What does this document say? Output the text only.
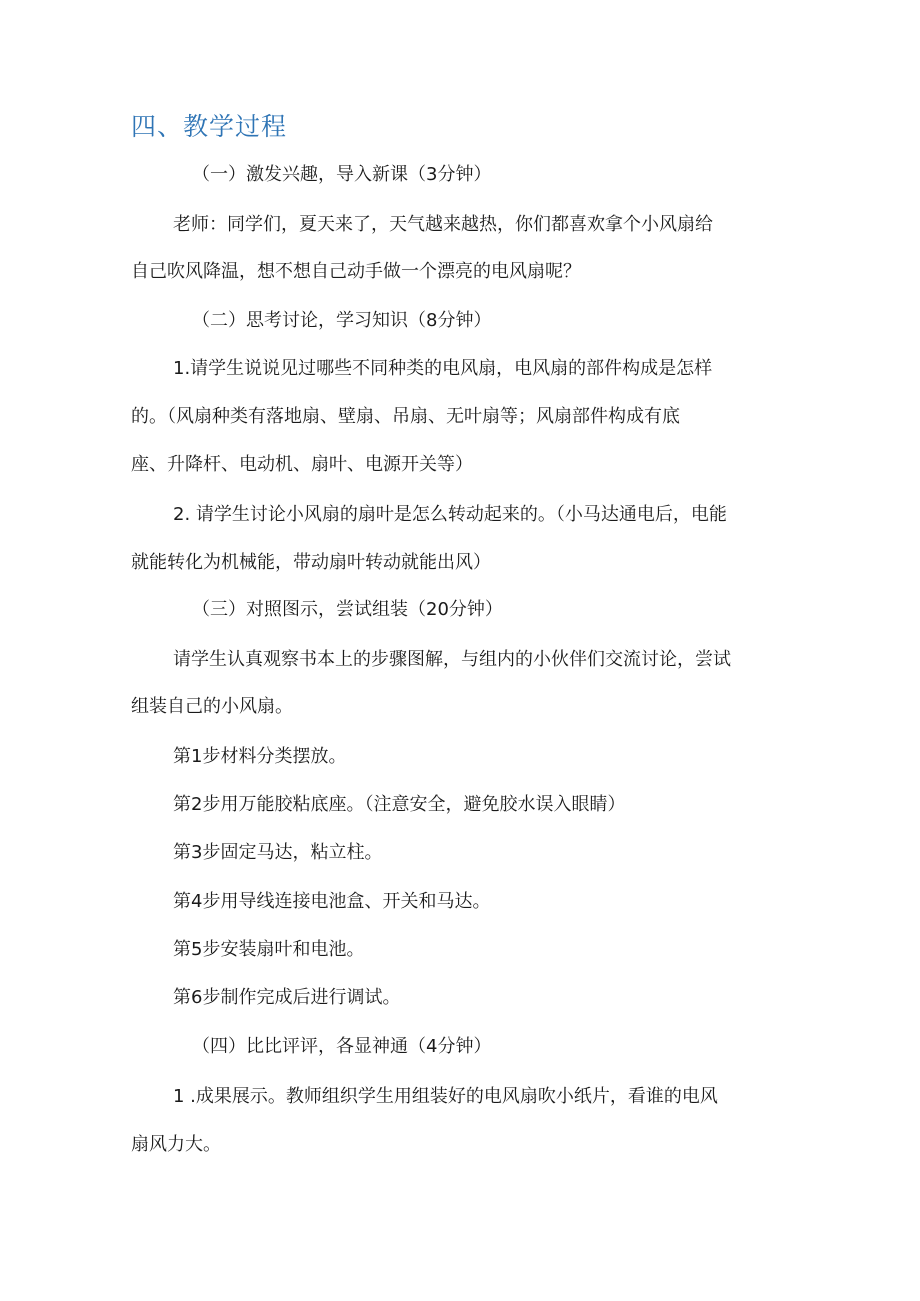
四、教学过程
（一）激发兴趣，导入新课（3分钟）
老师：同学们，夏天来了，天气越来越热，你们都喜欢拿个小风扇给
自己吹风降温，想不想自己动手做一个漂亮的电风扇呢？
（二）思考讨论，学习知识（8分钟）
1.请学生说说见过哪些不同种类的电风扇，电风扇的部件构成是怎样
的。（风扇种类有落地扇、壁扇、吊扇、无叶扇等；风扇部件构成有底
座、升降杆、电动机、扇叶、电源开关等）
2. 请学生讨论小风扇的扇叶是怎么转动起来的。（小马达通电后，电能
就能转化为机械能，带动扇叶转动就能出风）
（三）对照图示，尝试组装（20分钟）
请学生认真观察书本上的步骤图解，与组内的小伙伴们交流讨论，尝试
组装自己的小风扇。
第1步材料分类摆放。
第2步用万能胶粘底座。（注意安全，避免胶水误入眼睛）
第3步固定马达，粘立柱。
第4步用导线连接电池盒、开关和马达。
第5步安装扇叶和电池。
第6步制作完成后进行调试。
（四）比比评评，各显神通（4分钟）
1 .成果展示。教师组织学生用组装好的电风扇吹小纸片，看谁的电风
扇风力大。
